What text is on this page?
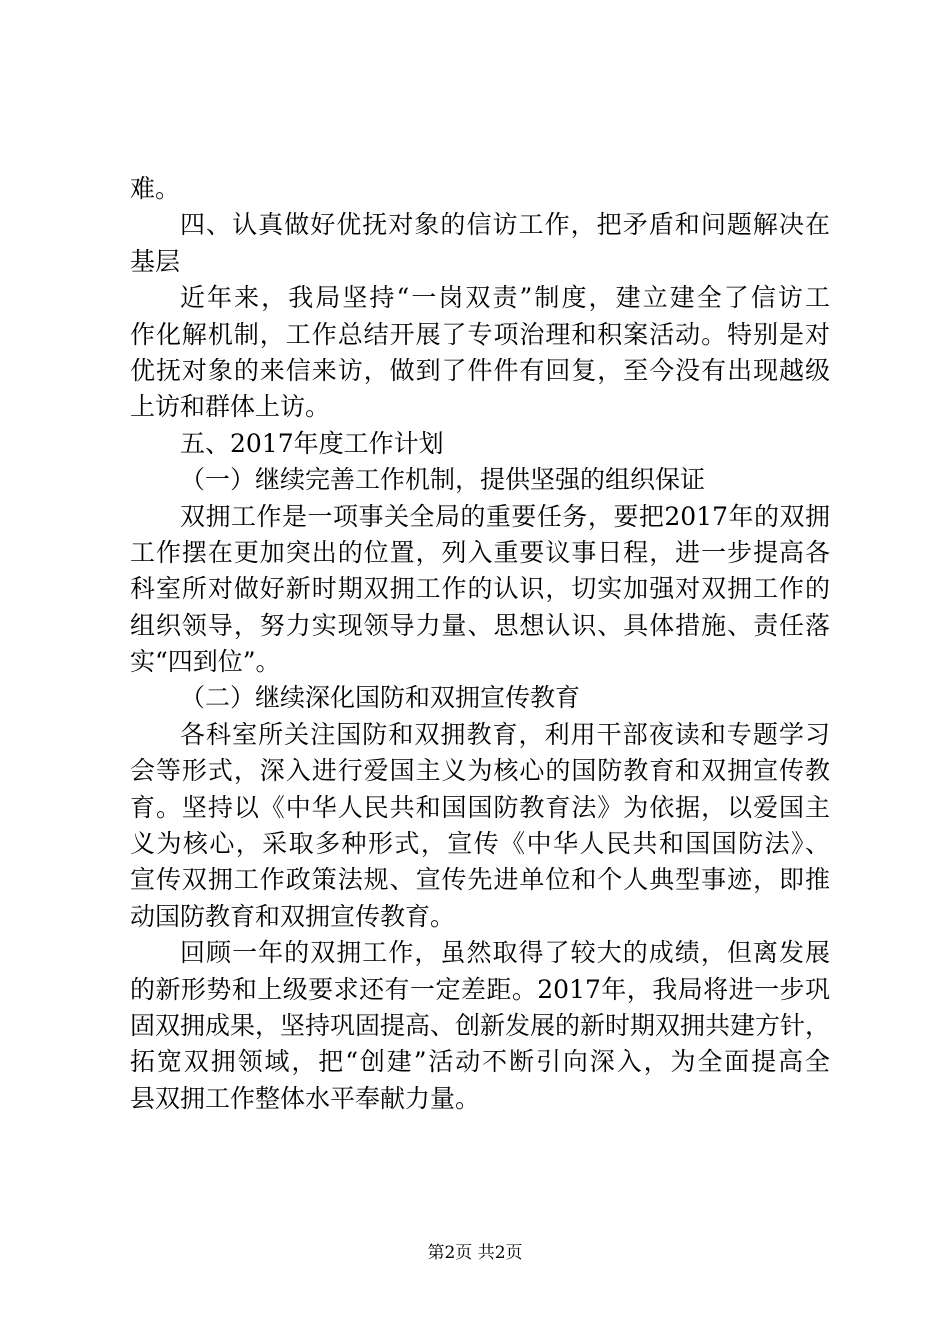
难。
四、认真做好优抚对象的信访工作，把矛盾和问题解决在
基层
近年来，我局坚持“一岗双责”制度，建立建全了信访工
作化解机制，工作总结开展了专项治理和积案活动。特别是对
优抚对象的来信来访，做到了件件有回复，至今没有出现越级
上访和群体上访。
五、2017年度工作计划
（一）继续完善工作机制，提供坚强的组织保证
双拥工作是一项事关全局的重要任务，要把2017年的双拥
工作摆在更加突出的位置，列入重要议事日程，进一步提高各
科室所对做好新时期双拥工作的认识，切实加强对双拥工作的
组织领导，努力实现领导力量、思想认识、具体措施、责任落
实“四到位”。
（二）继续深化国防和双拥宣传教育
各科室所关注国防和双拥教育，利用干部夜读和专题学习
会等形式，深入进行爱国主义为核心的国防教育和双拥宣传教
育。坚持以《中华人民共和国国防教育法》为依据，以爱国主
义为核心，采取多种形式，宣传《中华人民共和国国防法》、
宣传双拥工作政策法规、宣传先进单位和个人典型事迹，即推
动国防教育和双拥宣传教育。
回顾一年的双拥工作，虽然取得了较大的成绩，但离发展
的新形势和上级要求还有一定差距。2017年，我局将进一步巩
固双拥成果，坚持巩固提高、创新发展的新时期双拥共建方针，
拓宽双拥领域，把“创建”活动不断引向深入，为全面提高全
县双拥工作整体水平奉献力量。
第2页 共2页
